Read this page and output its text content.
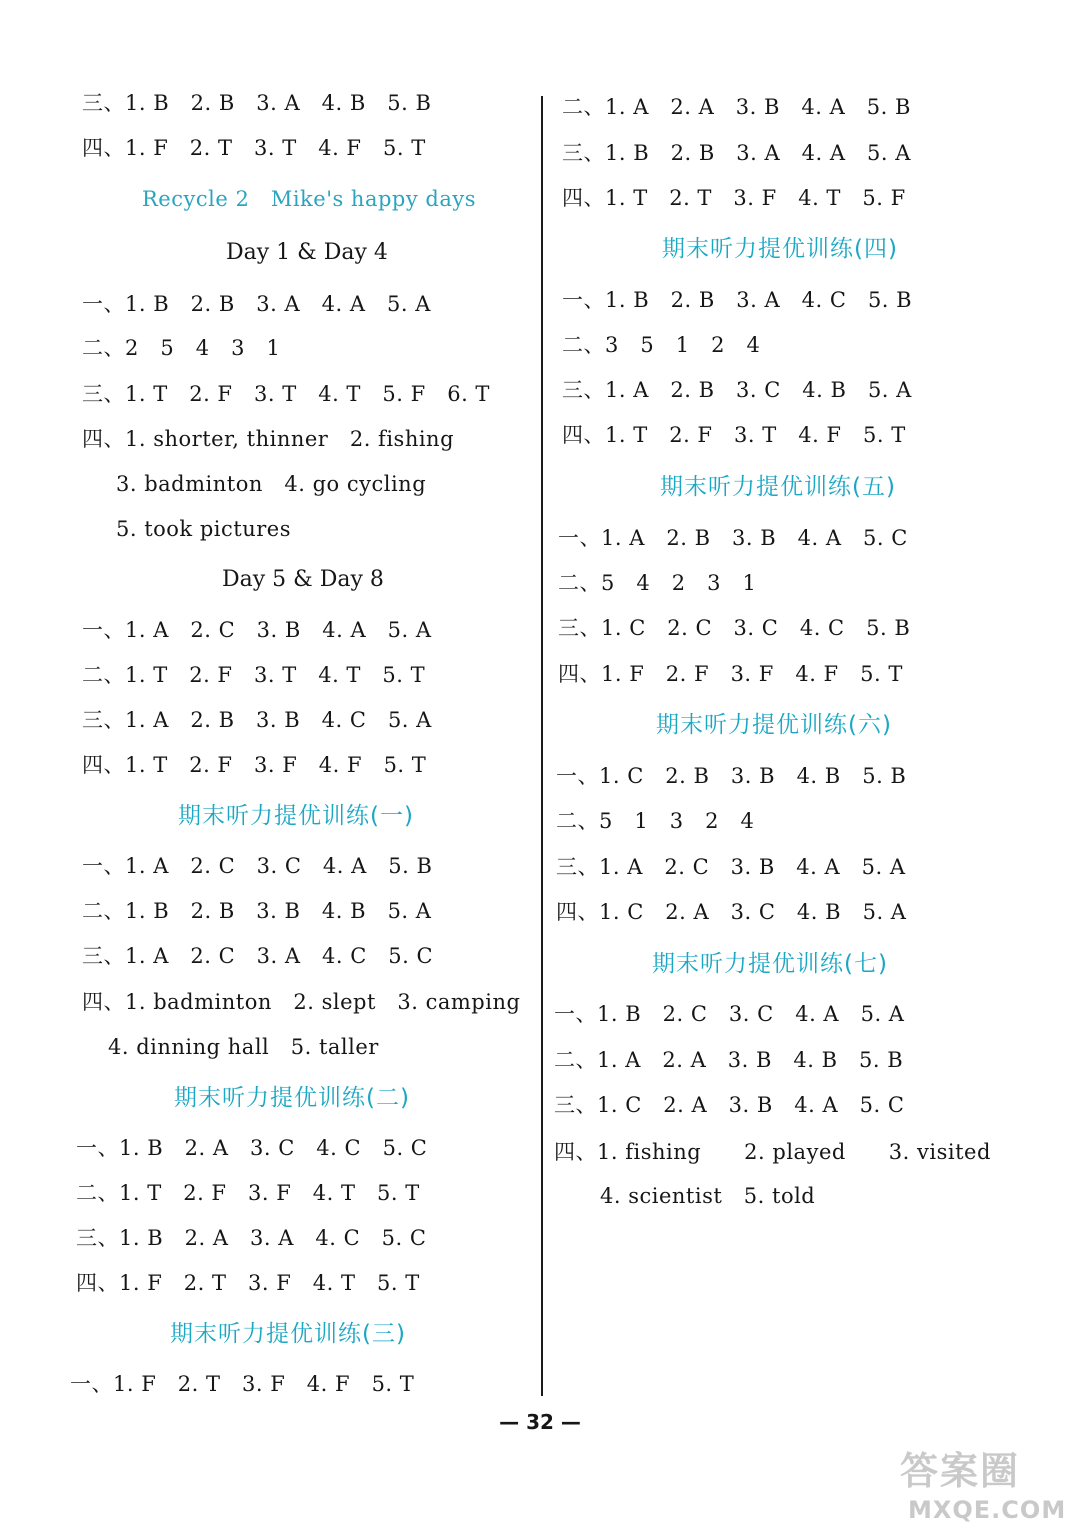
三、1. B　2. B　3. A　4. B　5. B
四、1. F　2. T　3. T　4. F　5. T
Recycle 2   Mike's happy days
Day 1 & Day 4
一、1. B　2. B　3. A　4. A　5. A
二、2　5　4　3　1
三、1. T　2. F　3. T　4. T　5. F　6. T
四、1. shorter, thinner　2. fishing
3. badminton　4. go cycling
5. took pictures
Day 5 & Day 8
一、1. A　2. C　3. B　4. A　5. A
二、1. T　2. F　3. T　4. T　5. T
三、1. A　2. B　3. B　4. C　5. A
四、1. T　2. F　3. F　4. F　5. T
期末听力提优训练(一)
一、1. A　2. C　3. C　4. A　5. B
二、1. B　2. B　3. B　4. B　5. A
三、1. A　2. C　3. A　4. C　5. C
四、1. badminton　2. slept　3. camping
4. dinning hall　5. taller
期末听力提优训练(二)
一、1. B　2. A　3. C　4. C　5. C
二、1. T　2. F　3. F　4. T　5. T
三、1. B　2. A　3. A　4. C　5. C
四、1. F　2. T　3. F　4. T　5. T
期末听力提优训练(三)
一、1. F　2. T　3. F　4. F　5. T
二、1. A　2. A　3. B　4. A　5. B
三、1. B　2. B　3. A　4. A　5. A
四、1. T　2. T　3. F　4. T　5. F
期末听力提优训练(四)
一、1. B　2. B　3. A　4. C　5. B
二、3　5　1　2　4
三、1. A　2. B　3. C　4. B　5. A
四、1. T　2. F　3. T　4. F　5. T
期末听力提优训练(五)
一、1. A　2. B　3. B　4. A　5. C
二、5　4　2　3　1
三、1. C　2. C　3. C　4. C　5. B
四、1. F　2. F　3. F　4. F　5. T
期末听力提优训练(六)
一、1. C　2. B　3. B　4. B　5. B
二、5　1　3　2　4
三、1. A　2. C　3. B　4. A　5. A
四、1. C　2. A　3. C　4. B　5. A
期末听力提优训练(七)
一、1. B　2. C　3. C　4. A　5. A
二、1. A　2. A　3. B　4. B　5. B
三、1. C　2. A　3. B　4. A　5. C
四、1. fishing　　2. played　　3. visited
4. scientist　5. told
— 32 —
答案圈
MXQE.COM
